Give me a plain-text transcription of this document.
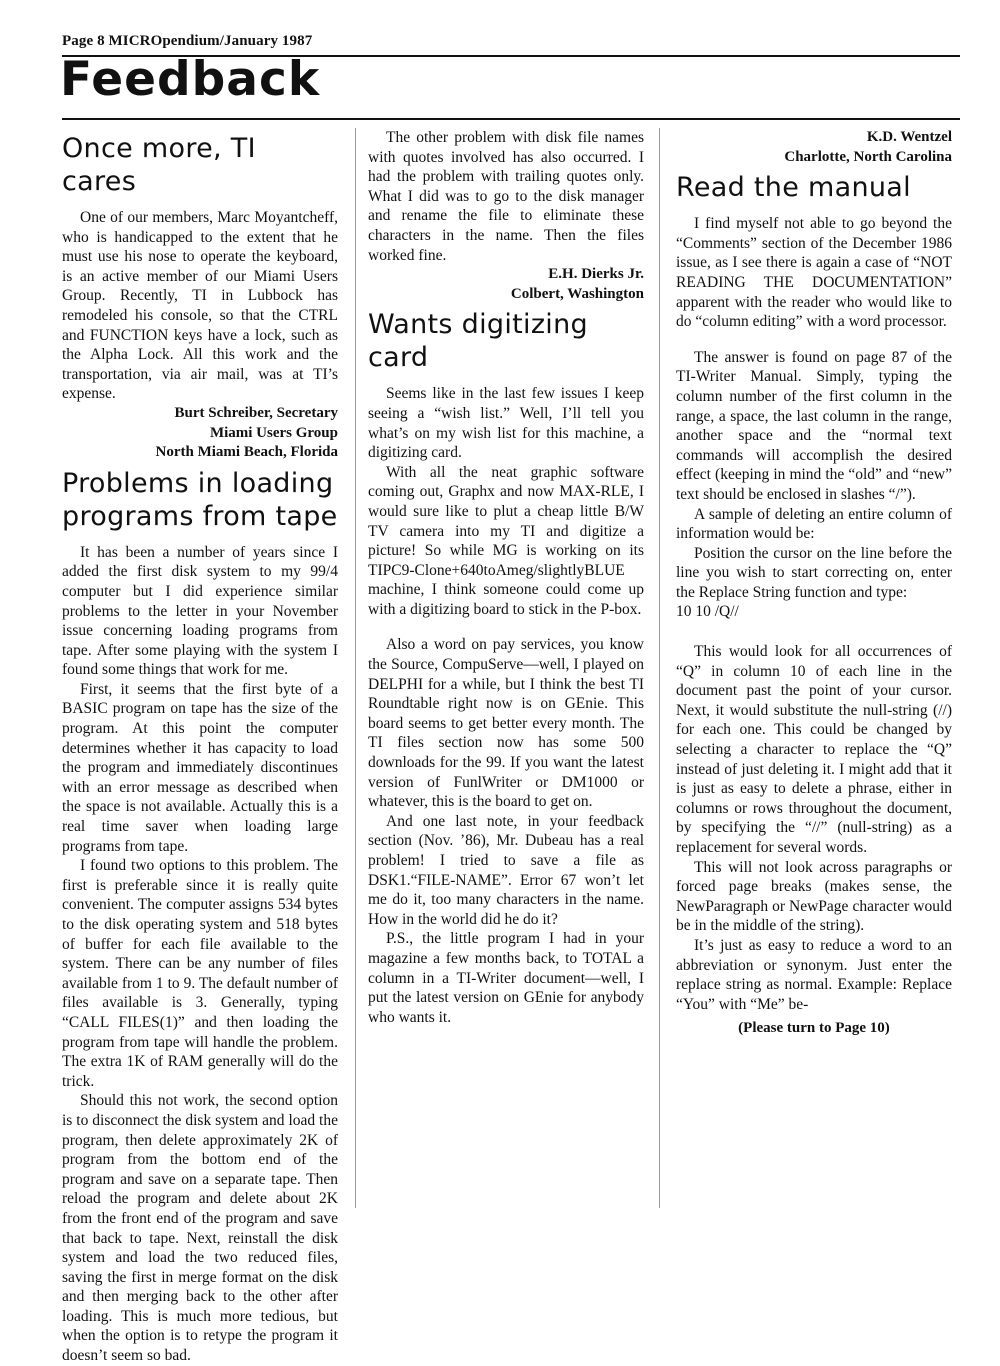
Page 8 MICROpendium/January 1987
Feedback
Once more, TI cares

One of our members, Marc Moyantcheff, who is handicapped to the extent that he must use his nose to operate the keyboard, is an active member of our Miami Users Group. Recently, TI in Lubbock has remodeled his console, so that the CTRL and FUNCTION keys have a lock, such as the Alpha Lock. All this work and the transportation, via air mail, was at TI’s expense.

Burt Schreiber, Secretary
Miami Users Group
North Miami Beach, Florida
Problems in loading programs from tape

It has been a number of years since I added the first disk system to my 99/4 computer but I did experience similar problems to the letter in your November issue concerning loading programs from tape. After some playing with the system I found some things that work for me.

First, it seems that the first byte of a BASIC program on tape has the size of the program. At this point the computer determines whether it has capacity to load the program and immediately discontinues with an error message as described when the space is not available. Actually this is a real time saver when loading large programs from tape.

I found two options to this problem. The first is preferable since it is really quite convenient. The computer assigns 534 bytes to the disk operating system and 518 bytes of buffer for each file available to the system. There can be any number of files available from 1 to 9. The default number of files available is 3. Generally, typing “CALL FILES(1)” and then loading the program from tape will handle the problem. The extra 1K of RAM generally will do the trick.

Should this not work, the second option is to disconnect the disk system and load the program, then delete approximately 2K of program from the bottom end of the program and save on a separate tape. Then reload the program and delete about 2K from the front end of the program and save that back to tape. Next, reinstall the disk system and load the two reduced files, saving the first in merge format on the disk and then merging back to the other after loading. This is much more tedious, but when the option is to retype the program it doesn’t seem so bad.

The other problem with disk file names with quotes involved has also occurred. I had the problem with trailing quotes only. What I did was to go to the disk manager and rename the file to eliminate these characters in the name. Then the files worked fine.

E.H. Dierks Jr.
Colbert, Washington
Wants digitizing card

Seems like in the last few issues I keep seeing a “wish list.” Well, I’ll tell you what’s on my wish list for this machine, a digitizing card.

With all the neat graphic software coming out, Graphx and now MAX-RLE, I would sure like to plut a cheap little B/W TV camera into my TI and digitize a picture! So while MG is working on its TIPC9-Clone+640toAmeg/slightlyBLUE machine, I think someone could come up with a digitizing board to stick in the P-box.

Also a word on pay services, you know the Source, CompuServe—well, I played on DELPHI for a while, but I think the best TI Roundtable right now is on GEnie. This board seems to get better every month. The TI files section now has some 500 downloads for the 99. If you want the latest version of FunlWriter or DM1000 or whatever, this is the board to get on.

And one last note, in your feedback section (Nov. ’86), Mr. Dubeau has a real problem! I tried to save a file as DSK1.“FILE-NAME”. Error 67 won’t let me do it, too many characters in the name. How in the world did he do it?

P.S., the little program I had in your magazine a few months back, to TOTAL a column in a TI-Writer document—well, I put the latest version on GEnie for anybody who wants it.

K.D. Wentzel
Charlotte, North Carolina
Read the manual

I find myself not able to go beyond the “Comments” section of the December 1986 issue, as I see there is again a case of “NOT READING THE DOCUMENTATION” apparent with the reader who would like to do “column editing” with a word processor.

The answer is found on page 87 of the TI-Writer Manual. Simply, typing the column number of the first column in the range, a space, the last column in the range, another space and the “normal text commands will accomplish the desired effect (keeping in mind the “old” and “new” text should be enclosed in slashes “/”).

A sample of deleting an entire column of information would be:

Position the cursor on the line before the line you wish to start correcting on, enter the Replace String function and type:

10 10 /Q//

This would look for all occurrences of “Q” in column 10 of each line in the document past the point of your cursor. Next, it would substitute the null-string (//) for each one. This could be changed by selecting a character to replace the “Q” instead of just deleting it. I might add that it is just as easy to delete a phrase, either in columns or rows throughout the document, by specifying the “//” (null-string) as a replacement for several words.

This will not look across paragraphs or forced page breaks (makes sense, the NewParagraph or NewPage character would be in the middle of the string).

It’s just as easy to reduce a word to an abbreviation or synonym. Just enter the replace string as normal. Example: Replace “You” with “Me” be-

(Please turn to Page 10)
